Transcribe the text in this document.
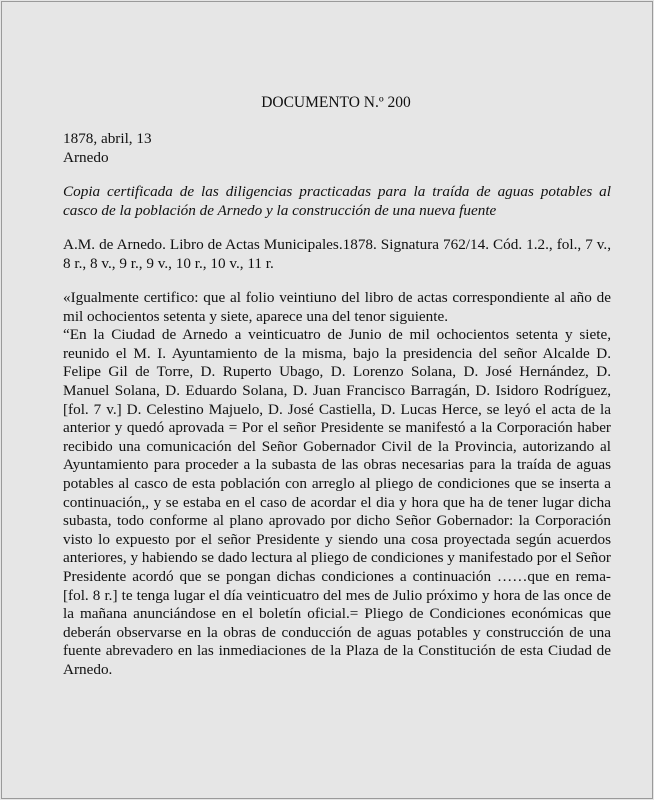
DOCUMENTO N.º 200
1878, abril, 13
Arnedo
Copia certificada de las diligencias practicadas para la traída de aguas potables al casco de la población de Arnedo y la construcción de una nueva fuente
A.M. de Arnedo. Libro de Actas Municipales.1878. Signatura 762/14. Cód. 1.2., fol., 7 v., 8 r., 8 v., 9 r., 9 v., 10 r., 10 v., 11 r.

«Igualmente certifico: que al folio veintiuno del libro de actas correspondiente al año de mil ochocientos setenta y siete, aparece una del tenor siguiente.

“En la Ciudad de Arnedo a veinticuatro de Junio de mil ochocientos setenta y siete, reunido el M. I. Ayuntamiento de la misma, bajo la presidencia del señor Alcalde D. Felipe Gil de Torre, D. Ruperto Ubago, D. Lorenzo Solana, D. José Hernández, D. Manuel Solana, D. Eduardo Solana, D. Juan Francisco Barragán, D. Isidoro Rodríguez, [fol. 7 v.] D. Celestino Majuelo, D. José Castiella, D. Lucas Herce, se leyó el acta de la anterior y quedó aprovada = Por el señor Presidente se manifestó a la Corporación haber recibido una comunicación del Señor Gobernador Civil de la Provincia, autorizando al Ayuntamiento para proceder a la subasta de las obras necesarias para la traída de aguas potables al casco de esta población con arreglo al pliego de condiciones que se inserta a continuación,, y se estaba en el caso de acordar el dia y hora que ha de tener lugar dicha subasta, todo conforme al plano aprovado por dicho Señor Gobernador: la Corporación visto lo expuesto por el señor Presidente y siendo una cosa proyectada según acuerdos anteriores, y habiendo se dado lectura al pliego de condiciones y manifestado por el Señor Presidente acordó que se pongan dichas condiciones a continuación ……que en rema- [fol. 8 r.] te tenga lugar el día veinticuatro del mes de Julio próximo y hora de las once de la mañana anunciándose en el boletín oficial.= Pliego de Condiciones económicas que deberán observarse en la obras de conducción de aguas potables y construcción de una fuente abrevadero en las inmediaciones de la Plaza de la Constitución de esta Ciudad de Arnedo.
